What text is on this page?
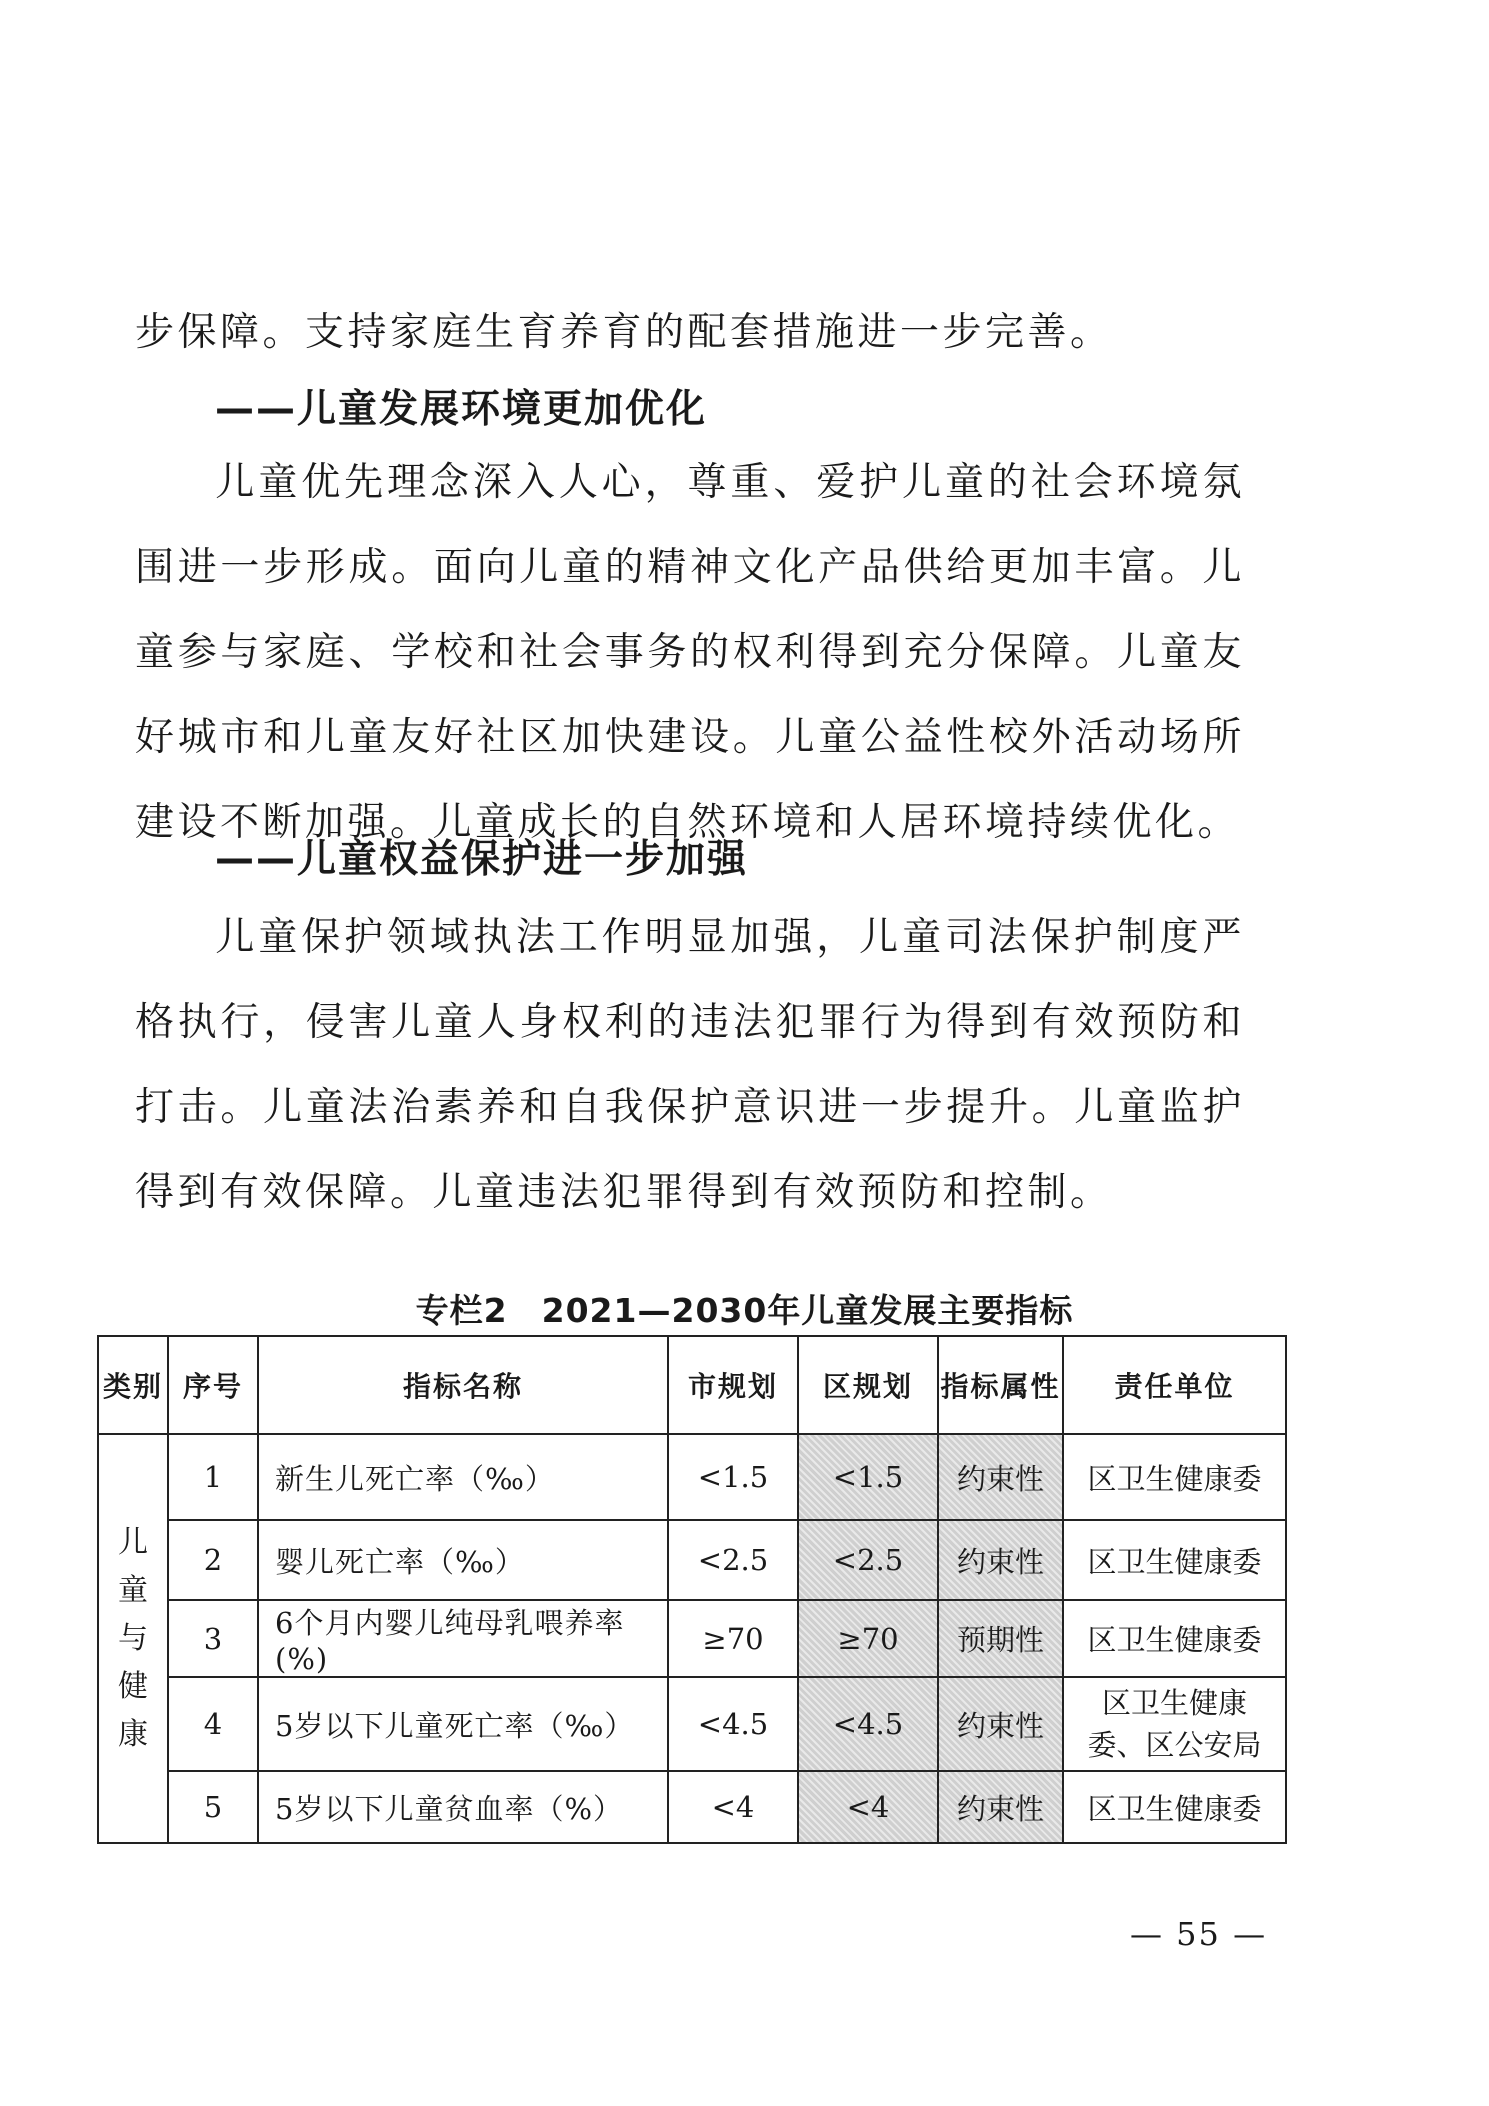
步保障。支持家庭生育养育的配套措施进一步完善。

——儿童发展环境更加优化

儿童优先理念深入人心，尊重、爱护儿童的社会环境氛围进一步形成。面向儿童的精神文化产品供给更加丰富。儿童参与家庭、学校和社会事务的权利得到充分保障。儿童友好城市和儿童友好社区加快建设。儿童公益性校外活动场所建设不断加强。儿童成长的自然环境和人居环境持续优化。

——儿童权益保护进一步加强

儿童保护领域执法工作明显加强，儿童司法保护制度严格执行，侵害儿童人身权利的违法犯罪行为得到有效预防和打击。儿童法治素养和自我保护意识进一步提升。儿童监护得到有效保障。儿童违法犯罪得到有效预防和控制。

专栏2　2021—2030年儿童发展主要指标
类别	序号	指标名称	市规划	区规划	指标属性	责任单位

儿童与健康	1	新生儿死亡率（‰）	<1.5	<1.5	约束性	区卫生健康委
	2	婴儿死亡率（‰）	<2.5	<2.5	约束性	区卫生健康委
	3	6个月内婴儿纯母乳喂养率(%)	≥70	≥70	预期性	区卫生健康委
	4	5岁以下儿童死亡率（‰）	<4.5	<4.5	约束性	区卫生健康委、区公安局
	5	5岁以下儿童贫血率（%）	<4	<4	约束性	区卫生健康委
— 55 —
